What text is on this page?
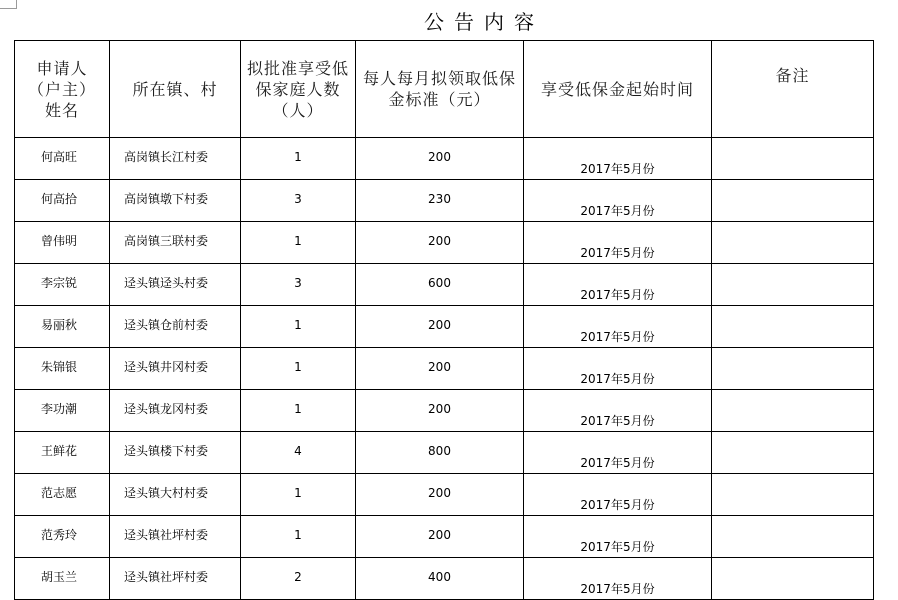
公告内容
申请人（户主）姓名	所在镇、村	拟批准享受低保家庭人数（人）	每人每月拟领取低保金标准（元）	享受低保金起始时间	备注
何高旺	高岗镇长江村委	1	200	2017年5月份	
何高拾	高岗镇墩下村委	3	230	2017年5月份	
曾伟明	高岗镇三联村委	1	200	2017年5月份	
李宗锐	迳头镇迳头村委	3	600	2017年5月份	
易丽秋	迳头镇仓前村委	1	200	2017年5月份	
朱锦银	迳头镇井冈村委	1	200	2017年5月份	
李功潮	迳头镇龙冈村委	1	200	2017年5月份	
王鲜花	迳头镇楼下村委	4	800	2017年5月份	
范志愿	迳头镇大村村委	1	200	2017年5月份	
范秀玲	迳头镇社坪村委	1	200	2017年5月份	
胡玉兰	迳头镇社坪村委	2	400	2017年5月份	
